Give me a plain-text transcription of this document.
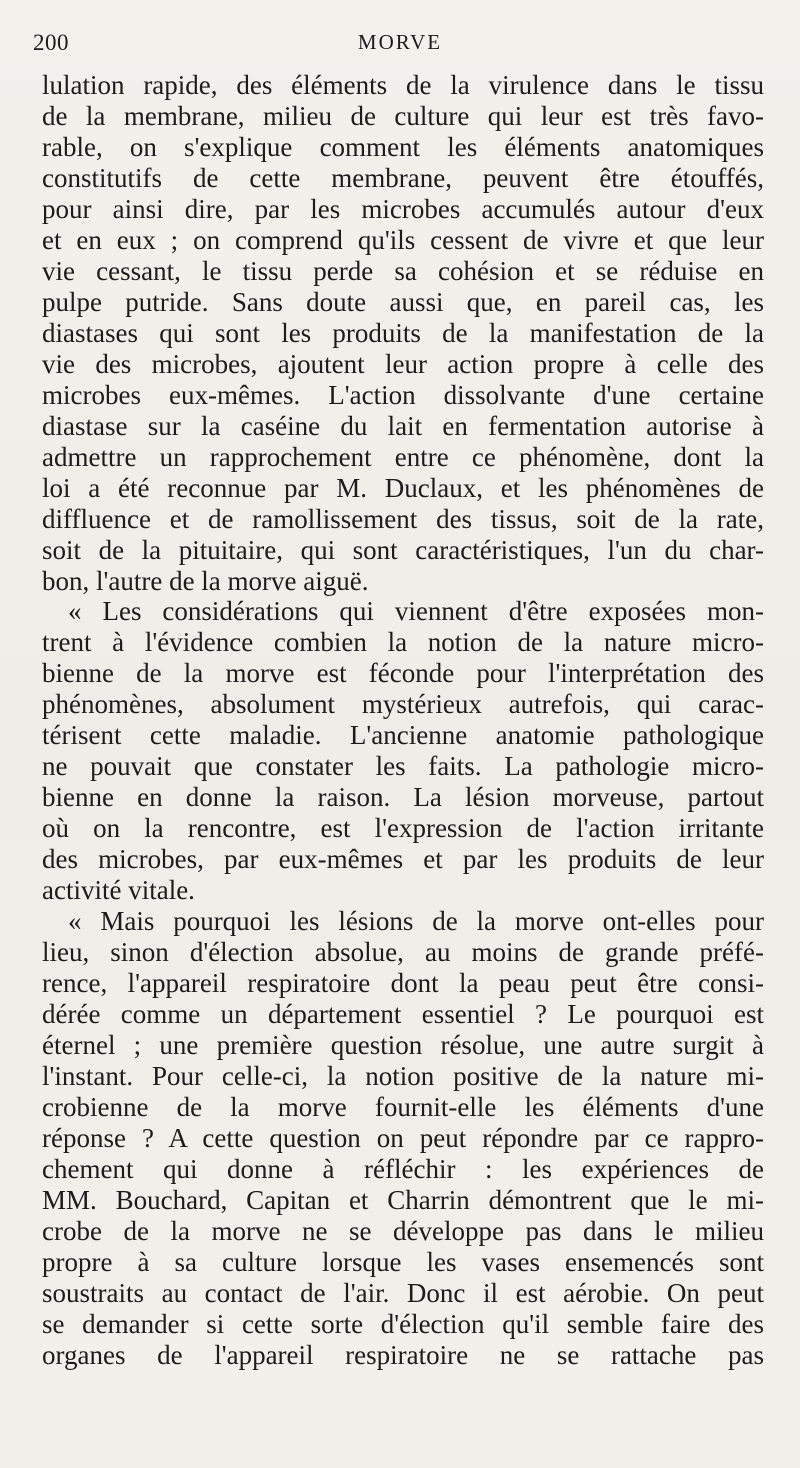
200	MORVE
lulation rapide, des éléments de la virulence dans le tissu
de la membrane, milieu de culture qui leur est très favo-
rable, on s'explique comment les éléments anatomiques
constitutifs de cette membrane, peuvent être étouffés,
pour ainsi dire, par les microbes accumulés autour d'eux
et en eux ; on comprend qu'ils cessent de vivre et que leur
vie cessant, le tissu perde sa cohésion et se réduise en
pulpe putride. Sans doute aussi que, en pareil cas, les
diastases qui sont les produits de la manifestation de la
vie des microbes, ajoutent leur action propre à celle des
microbes eux-mêmes. L'action dissolvante d'une certaine
diastase sur la caséine du lait en fermentation autorise à
admettre un rapprochement entre ce phénomène, dont la
loi a été reconnue par M. Duclaux, et les phénomènes de
diffluence et de ramollissement des tissus, soit de la rate,
soit de la pituitaire, qui sont caractéristiques, l'un du char-
bon, l'autre de la morve aiguë.
« Les considérations qui viennent d'être exposées mon-
trent à l'évidence combien la notion de la nature micro-
bienne de la morve est féconde pour l'interprétation des
phénomènes, absolument mystérieux autrefois, qui carac-
térisent cette maladie. L'ancienne anatomie pathologique
ne pouvait que constater les faits. La pathologie micro-
bienne en donne la raison. La lésion morveuse, partout
où on la rencontre, est l'expression de l'action irritante
des microbes, par eux-mêmes et par les produits de leur
activité vitale.
« Mais pourquoi les lésions de la morve ont-elles pour
lieu, sinon d'élection absolue, au moins de grande préfé-
rence, l'appareil respiratoire dont la peau peut être consi-
dérée comme un département essentiel ? Le pourquoi est
éternel ; une première question résolue, une autre surgit à
l'instant. Pour celle-ci, la notion positive de la nature mi-
crobienne de la morve fournit-elle les éléments d'une
réponse ? A cette question on peut répondre par ce rappro-
chement qui donne à réfléchir : les expériences de
MM. Bouchard, Capitan et Charrin démontrent que le mi-
crobe de la morve ne se développe pas dans le milieu
propre à sa culture lorsque les vases ensemencés sont
soustraits au contact de l'air. Donc il est aérobie. On peut
se demander si cette sorte d'élection qu'il semble faire des
organes de l'appareil respiratoire ne se rattache pas
